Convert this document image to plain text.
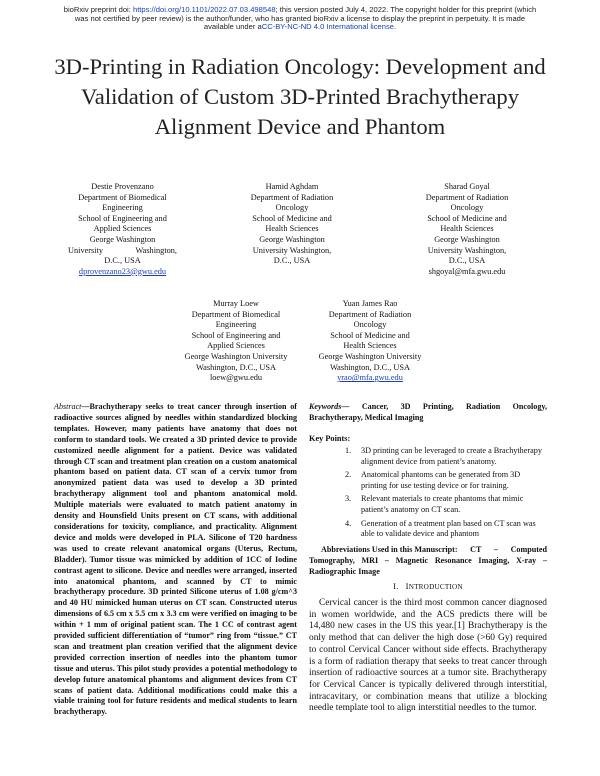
bioRxiv preprint doi: https://doi.org/10.1101/2022.07.03.498548; this version posted July 4, 2022. The copyright holder for this preprint (which
was not certified by peer review) is the author/funder, who has granted bioRxiv a license to display the preprint in perpetuity. It is made
available under aCC-BY-NC-ND 4.0 International license.
3D-Printing in Radiation Oncology: Development and
Validation of Custom 3D-Printed Brachytherapy
Alignment Device and Phantom
Destie Provenzano
Department of Biomedical
Engineering
School of Engineering and
Applied Sciences
George Washington
University	Washington,
D.C., USA
dprovenzano23@gwu.edu
Hamid Aghdam
Department of Radiation
Oncology
School of Medicine and
Health Sciences
George Washington
University Washington,
D.C., USA
Sharad Goyal
Department of Radiation
Oncology
School of Medicine and
Health Sciences
George Washington
University Washington,
D.C., USA
shgoyal@mfa.gwu.edu
Murray Loew
Department of Biomedical
Engineering
School of Engineering and
Applied Sciences
George Washington University
Washington, D.C., USA
loew@gwu.edu
Yuan James Rao
Department of Radiation
Oncology
School of Medicine and
Health Sciences
George Washington University
Washington, D.C., USA
yrao@mfa.gwu.edu
Abstract—Brachytherapy seeks to treat cancer through insertion of radioactive sources aligned by needles within standardized blocking templates. However, many patients have anatomy that does not conform to standard tools. We created a 3D printed device to provide customized needle alignment for a patient. Device was validated through CT scan and treatment plan creation on a custom anatomical phantom based on patient data. CT scan of a cervix tumor from anonymized patient data was used to develop a 3D printed brachytherapy alignment tool and phantom anatomical mold. Multiple materials were evaluated to match patient anatomy in density and Hounsfield Units present on CT scans, with additional considerations for toxicity, compliance, and practicality. Alignment device and molds were developed in PLA. Silicone of T20 hardness was used to create relevant anatomical organs (Uterus, Rectum, Bladder). Tumor tissue was mimicked by addition of 1CC of Iodine contrast agent to silicone. Device and needles were arranged, inserted into anatomical phantom, and scanned by CT to mimic brachytherapy procedure. 3D printed Silicone uterus of 1.08 g/cm^3 and 40 HU mimicked human uterus on CT scan. Constructed uterus dimensions of 6.5 cm x 5.5 cm x 3.3 cm were verified on imaging to be within + 1 mm of original patient scan. The 1 CC of contrast agent provided sufficient differentiation of “tumor” ring from “tissue.” CT scan and treatment plan creation verified that the alignment device provided correction insertion of needles into the phantom tumor tissue and uterus. This pilot study provides a potential methodology to develop future anatomical phantoms and alignment devices from CT scans of patient data. Additional modifications could make this a viable training tool for future residents and medical students to learn brachytherapy.
Keywords— Cancer, 3D Printing, Radiation Oncology, Brachytherapy, Medical Imaging
Key Points:
1. 3D printing can be leveraged to create a Brachytherapy alignment device from patient’s anatomy.
2. Anatomical phantoms can be generated from 3D printing for use testing device or for training.
3. Relevant materials to create phantoms that mimic patient’s anatomy on CT scan.
4. Generation of a treatment plan based on CT scan was able to validate device and phantom
Abbreviations Used in this Manuscript: CT – Computed Tomography, MRI – Magnetic Resonance Imaging, X-ray – Radiographic Image
I. INTRODUCTION
Cervical cancer is the third most common cancer diagnosed in women worldwide, and the ACS predicts there will be 14,480 new cases in the US this year.[1] Brachytherapy is the only method that can deliver the high dose (>60 Gy) required to control Cervical Cancer without side effects. Brachytherapy is a form of radiation therapy that seeks to treat cancer through insertion of radioactive sources at a tumor site. Brachytherapy for Cervical Cancer is typically delivered through interstitial, intracavitary, or combination means that utilize a blocking needle template tool to align interstitial needles to the tumor.
